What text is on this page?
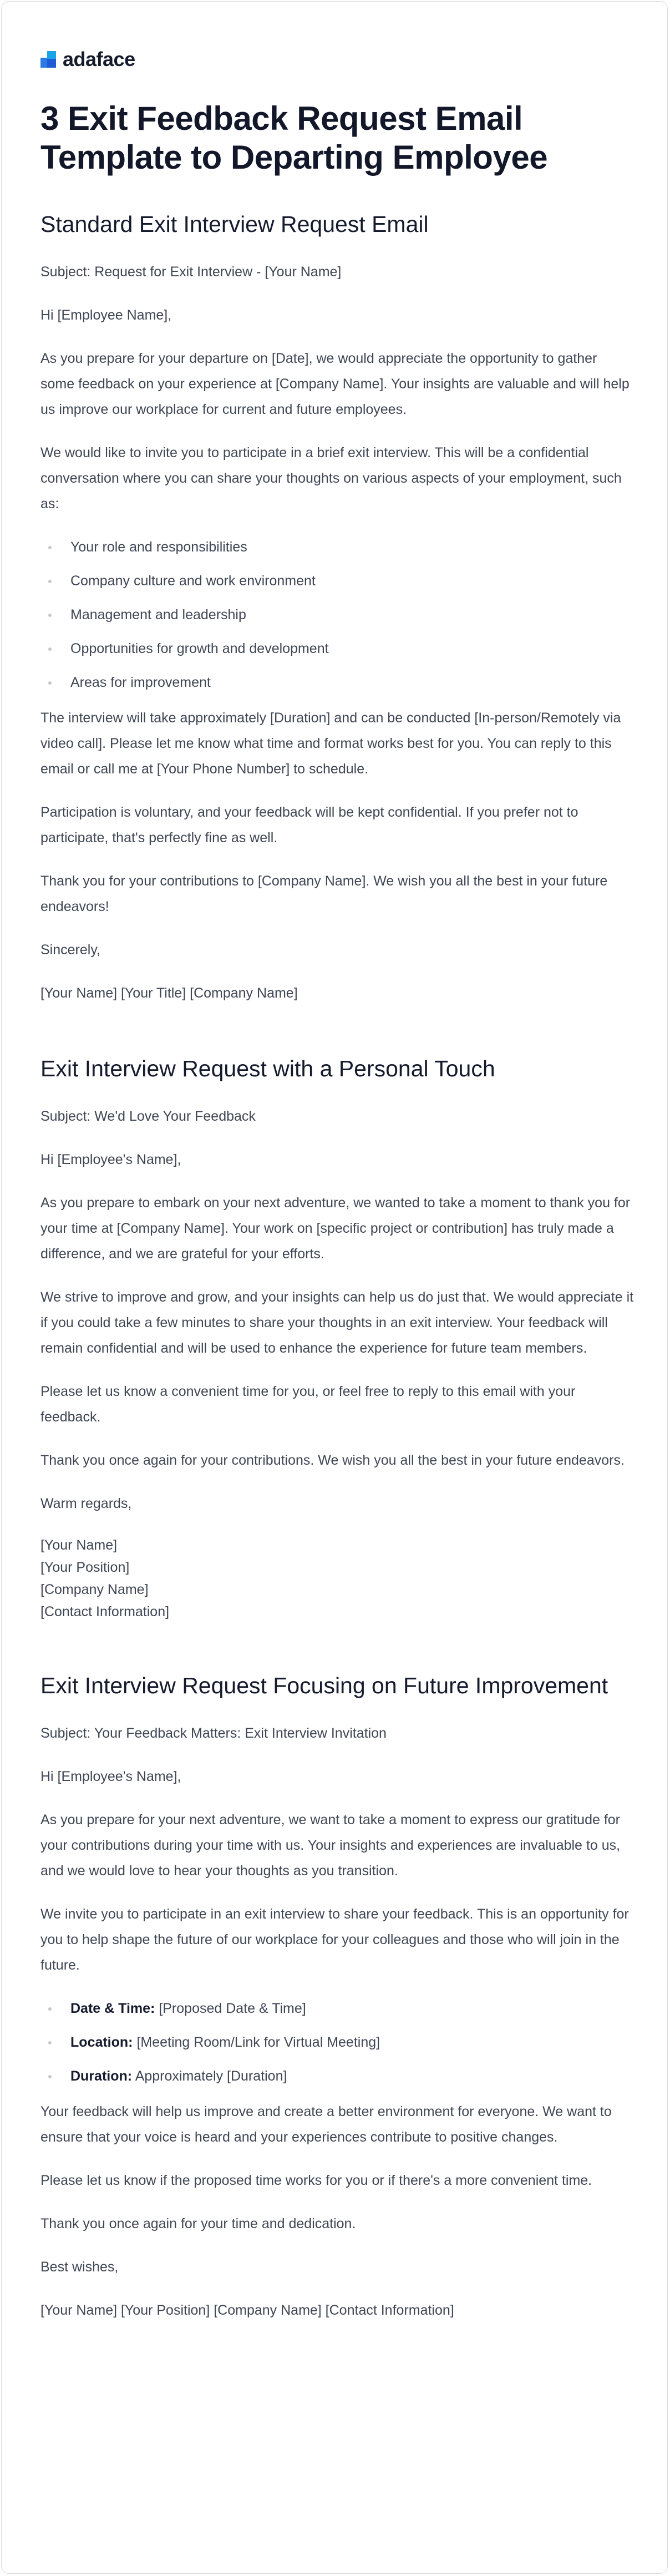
adaface
3 Exit Feedback Request Email Template to Departing Employee
Standard Exit Interview Request Email

Subject: Request for Exit Interview - [Your Name]

Hi [Employee Name],

As you prepare for your departure on [Date], we would appreciate the opportunity to gather some feedback on your experience at [Company Name]. Your insights are valuable and will help us improve our workplace for current and future employees.

We would like to invite you to participate in a brief exit interview. This will be a confidential conversation where you can share your thoughts on various aspects of your employment, such as:

Your role and responsibilities
Company culture and work environment
Management and leadership
Opportunities for growth and development
Areas for improvement

The interview will take approximately [Duration] and can be conducted [In-person/Remotely via video call]. Please let me know what time and format works best for you. You can reply to this email or call me at [Your Phone Number] to schedule.

Participation is voluntary, and your feedback will be kept confidential. If you prefer not to participate, that's perfectly fine as well.

Thank you for your contributions to [Company Name]. We wish you all the best in your future endeavors!

Sincerely,

[Your Name] [Your Title] [Company Name]

Exit Interview Request with a Personal Touch

Subject: We'd Love Your Feedback

Hi [Employee's Name],

As you prepare to embark on your next adventure, we wanted to take a moment to thank you for your time at [Company Name]. Your work on [specific project or contribution] has truly made a difference, and we are grateful for your efforts.

We strive to improve and grow, and your insights can help us do just that. We would appreciate it if you could take a few minutes to share your thoughts in an exit interview. Your feedback will remain confidential and will be used to enhance the experience for future team members.

Please let us know a convenient time for you, or feel free to reply to this email with your feedback.

Thank you once again for your contributions. We wish you all the best in your future endeavors.

Warm regards,

[Your Name]

[Your Position]

[Company Name]

[Contact Information]

Exit Interview Request Focusing on Future Improvement

Subject: Your Feedback Matters: Exit Interview Invitation

Hi [Employee's Name],

As you prepare for your next adventure, we want to take a moment to express our gratitude for your contributions during your time with us. Your insights and experiences are invaluable to us, and we would love to hear your thoughts as you transition.

We invite you to participate in an exit interview to share your feedback. This is an opportunity for you to help shape the future of our workplace for your colleagues and those who will join in the future.

Date & Time: [Proposed Date & Time]
Location: [Meeting Room/Link for Virtual Meeting]
Duration: Approximately [Duration]

Your feedback will help us improve and create a better environment for everyone. We want to ensure that your voice is heard and your experiences contribute to positive changes.

Please let us know if the proposed time works for you or if there's a more convenient time.

Thank you once again for your time and dedication.

Best wishes,

[Your Name] [Your Position] [Company Name] [Contact Information]
